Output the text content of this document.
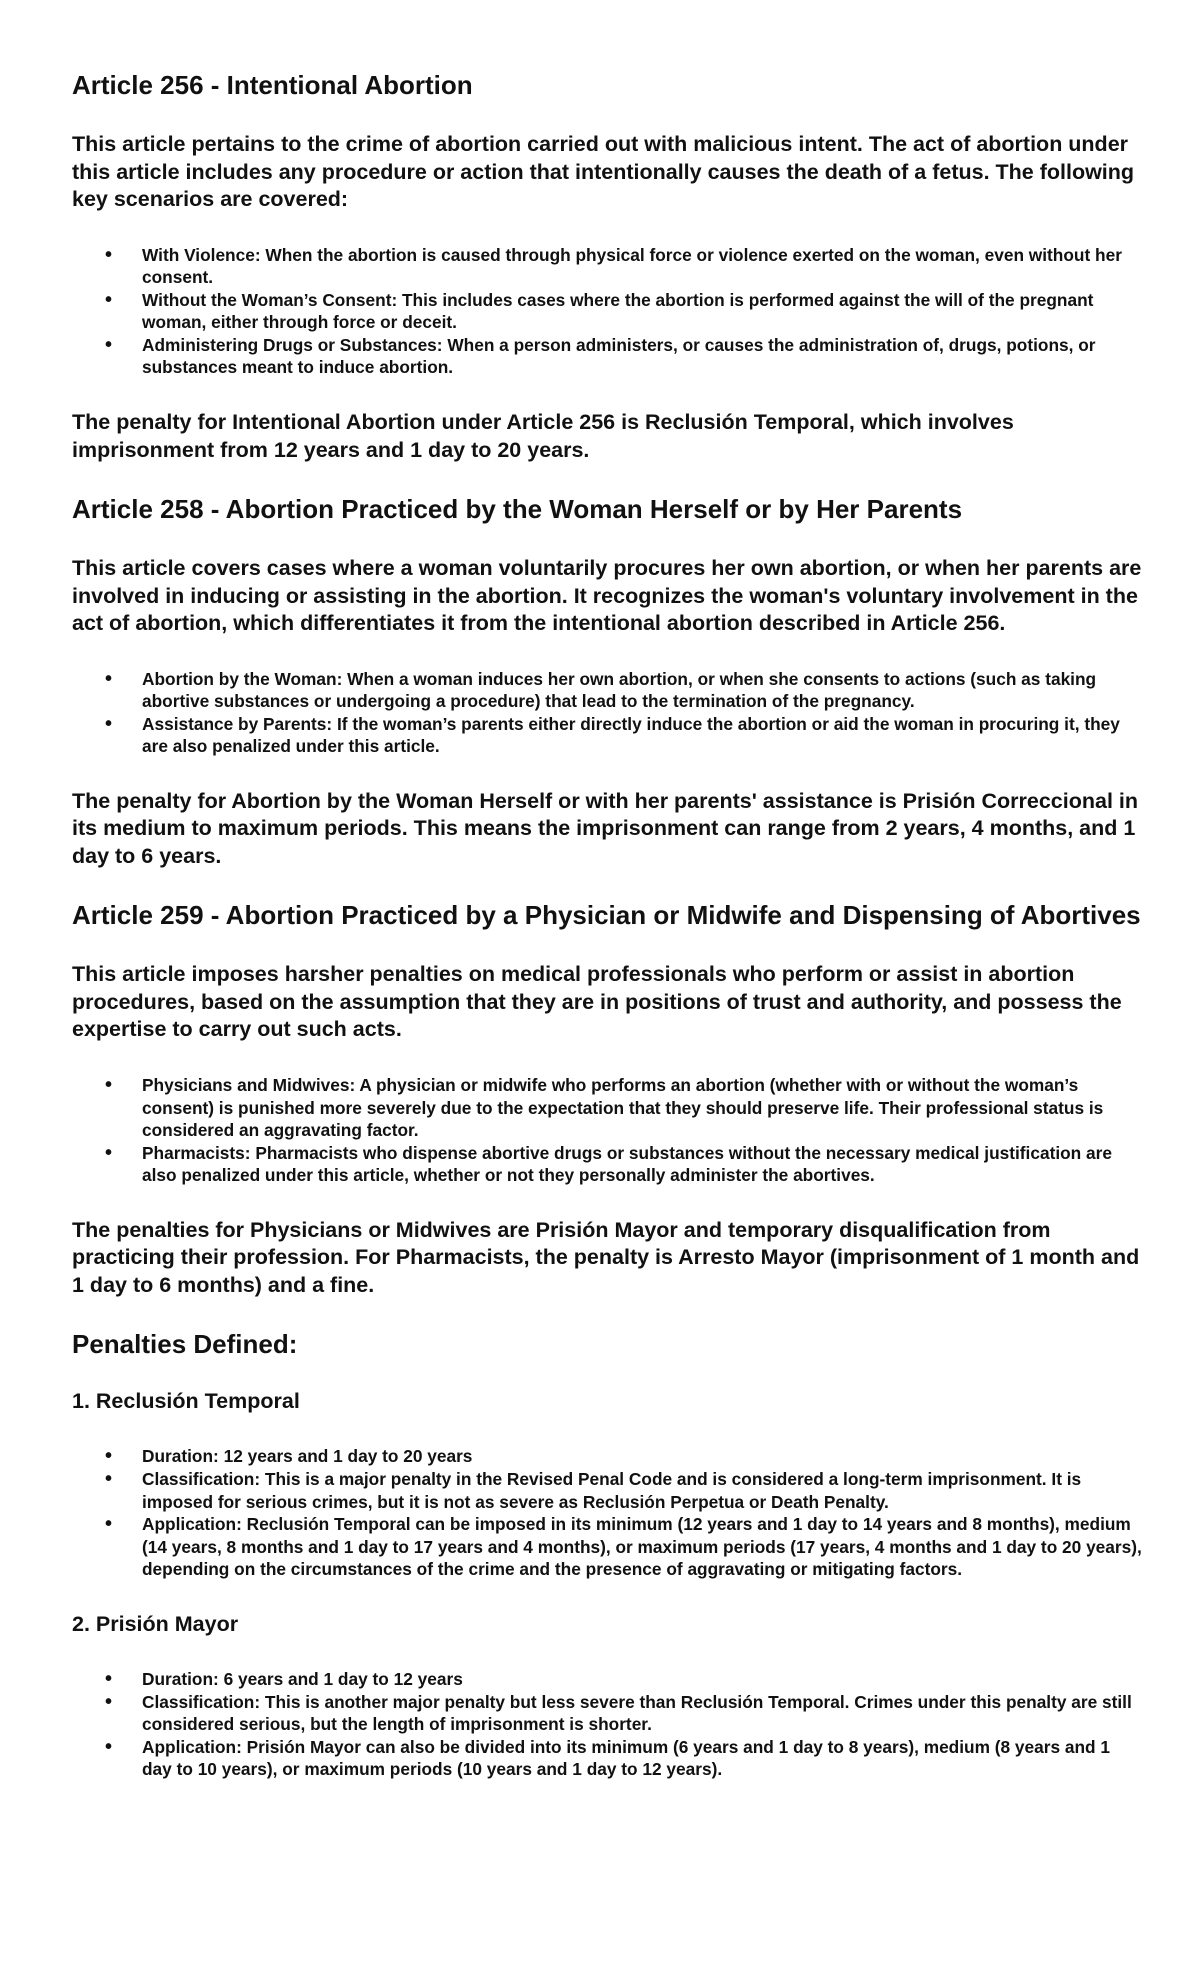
Article 256 - Intentional Abortion

This article pertains to the crime of abortion carried out with malicious intent. The act of abortion under this article includes any procedure or action that intentionally causes the death of a fetus. The following key scenarios are covered:

• With Violence: When the abortion is caused through physical force or violence exerted on the woman, even without her consent.
• Without the Woman’s Consent: This includes cases where the abortion is performed against the will of the pregnant woman, either through force or deceit.
• Administering Drugs or Substances: When a person administers, or causes the administration of, drugs, potions, or substances meant to induce abortion.

The penalty for Intentional Abortion under Article 256 is Reclusión Temporal, which involves imprisonment from 12 years and 1 day to 20 years.

Article 258 - Abortion Practiced by the Woman Herself or by Her Parents

This article covers cases where a woman voluntarily procures her own abortion, or when her parents are involved in inducing or assisting in the abortion. It recognizes the woman's voluntary involvement in the act of abortion, which differentiates it from the intentional abortion described in Article 256.

• Abortion by the Woman: When a woman induces her own abortion, or when she consents to actions (such as taking abortive substances or undergoing a procedure) that lead to the termination of the pregnancy.
• Assistance by Parents: If the woman’s parents either directly induce the abortion or aid the woman in procuring it, they are also penalized under this article.

The penalty for Abortion by the Woman Herself or with her parents' assistance is Prisión Correccional in its medium to maximum periods. This means the imprisonment can range from 2 years, 4 months, and 1 day to 6 years.

Article 259 - Abortion Practiced by a Physician or Midwife and Dispensing of Abortives

This article imposes harsher penalties on medical professionals who perform or assist in abortion procedures, based on the assumption that they are in positions of trust and authority, and possess the expertise to carry out such acts.

• Physicians and Midwives: A physician or midwife who performs an abortion (whether with or without the woman’s consent) is punished more severely due to the expectation that they should preserve life. Their professional status is considered an aggravating factor.
• Pharmacists: Pharmacists who dispense abortive drugs or substances without the necessary medical justification are also penalized under this article, whether or not they personally administer the abortives.

The penalties for Physicians or Midwives are Prisión Mayor and temporary disqualification from practicing their profession. For Pharmacists, the penalty is Arresto Mayor (imprisonment of 1 month and 1 day to 6 months) and a fine.

Penalties Defined:
1. Reclusión Temporal
• Duration: 12 years and 1 day to 20 years
• Classification: This is a major penalty in the Revised Penal Code and is considered a long-term imprisonment. It is imposed for serious crimes, but it is not as severe as Reclusión Perpetua or Death Penalty.
• Application: Reclusión Temporal can be imposed in its minimum (12 years and 1 day to 14 years and 8 months), medium (14 years, 8 months and 1 day to 17 years and 4 months), or maximum periods (17 years, 4 months and 1 day to 20 years), depending on the circumstances of the crime and the presence of aggravating or mitigating factors.
2. Prisión Mayor
• Duration: 6 years and 1 day to 12 years
• Classification: This is another major penalty but less severe than Reclusión Temporal. Crimes under this penalty are still considered serious, but the length of imprisonment is shorter.
• Application: Prisión Mayor can also be divided into its minimum (6 years and 1 day to 8 years), medium (8 years and 1 day to 10 years), or maximum periods (10 years and 1 day to 12 years).
